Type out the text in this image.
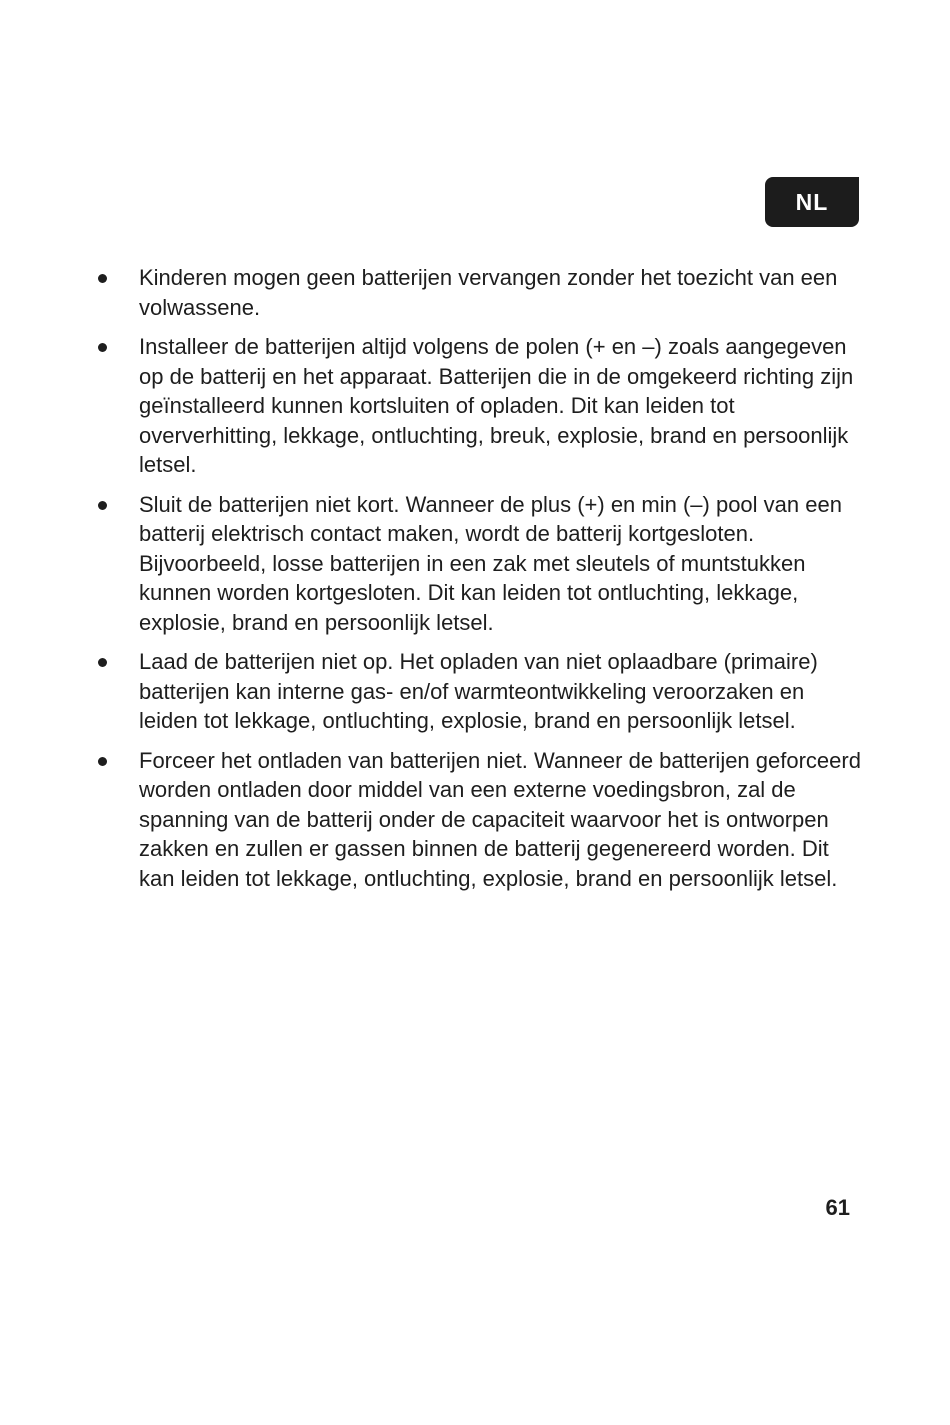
NL
Kinderen mogen geen batterijen vervangen zonder het toezicht van een volwassene.
Installeer de batterijen altijd volgens de polen (+ en –) zoals aangegeven op de batterij en het apparaat. Batterijen die in de omgekeerd richting zijn geïnstalleerd kunnen kortsluiten of opladen. Dit kan leiden tot oververhitting, lekkage, ontluchting, breuk, explosie, brand en persoonlijk letsel.
Sluit de batterijen niet kort. Wanneer de plus (+) en min (–) pool van een batterij elektrisch contact maken, wordt de batterij kortgesloten. Bijvoorbeeld, losse batterijen in een zak met sleutels of muntstukken kunnen worden kortgesloten. Dit kan leiden tot ontluchting, lekkage, explosie, brand en persoonlijk letsel.
Laad de batterijen niet op. Het opladen van niet oplaadbare (primaire) batterijen kan interne gas- en/of warmteontwikkeling veroorzaken en leiden tot lekkage, ontluchting, explosie, brand en persoonlijk letsel.
Forceer het ontladen van batterijen niet. Wanneer de batterijen geforceerd worden ontladen door middel van een externe voedingsbron, zal de spanning van de batterij onder de capaciteit waarvoor het is ontworpen zakken en zullen er gassen binnen de batterij gegenereerd worden. Dit kan leiden tot lekkage, ontluchting, explosie, brand en persoonlijk letsel.
61
